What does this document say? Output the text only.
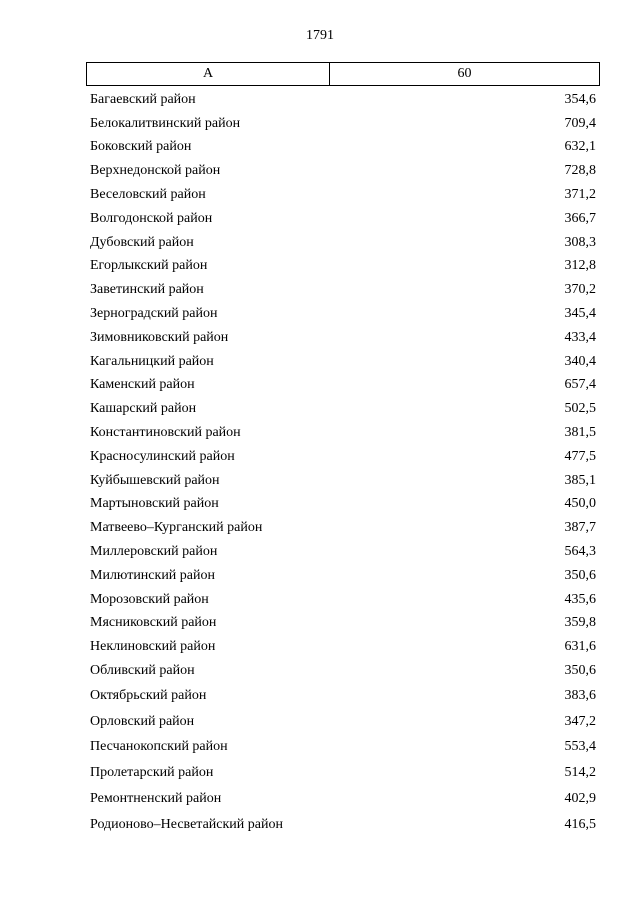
1791
A	60
Багаевский район	354,6
Белокалитвинский район	709,4
Боковский район	632,1
Верхнедонской район	728,8
Веселовский район	371,2
Волгодонской район	366,7
Дубовский район	308,3
Егорлыкский район	312,8
Заветинский район	370,2
Зерноградский район	345,4
Зимовниковский район	433,4
Кагальницкий район	340,4
Каменский район	657,4
Кашарский район	502,5
Константиновский район	381,5
Красносулинский район	477,5
Куйбышевский район	385,1
Мартыновский район	450,0
Матвеево–Курганский район	387,7
Миллеровский район	564,3
Милютинский район	350,6
Морозовский район	435,6
Мясниковский район	359,8
Неклиновский район	631,6
Обливский район	350,6
Октябрьский район	383,6
Орловский район	347,2
Песчанокопский район	553,4
Пролетарский район	514,2
Ремонтненский район	402,9
Родионово–Несветайский район	416,5
